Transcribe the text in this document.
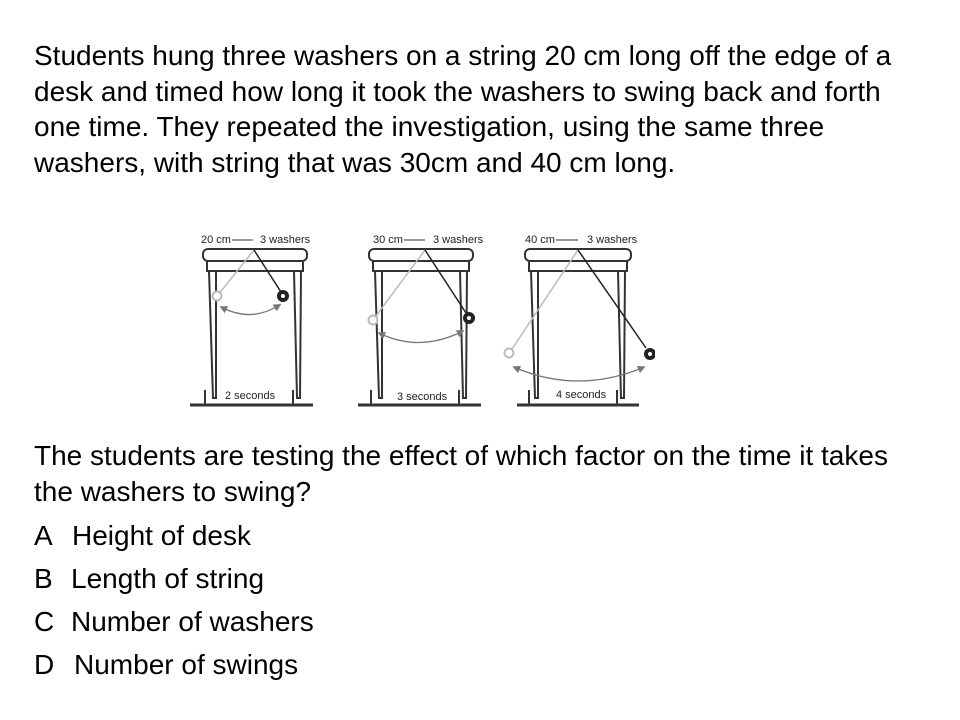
Students hung three washers on a string 20 cm long off the edge of a desk and timed how long it took the washers to swing back and forth one time. They repeated the investigation, using the same three washers, with string that was 30cm and 40 cm long.

20 cm	3 washers
2 seconds
30 cm	3 washers
3 seconds
40 cm	3 washers
4 seconds

The students are testing the effect of which factor on the time it takes the washers to swing?

A Height of desk
B Length of string
C Number of washers
D Number of swings
